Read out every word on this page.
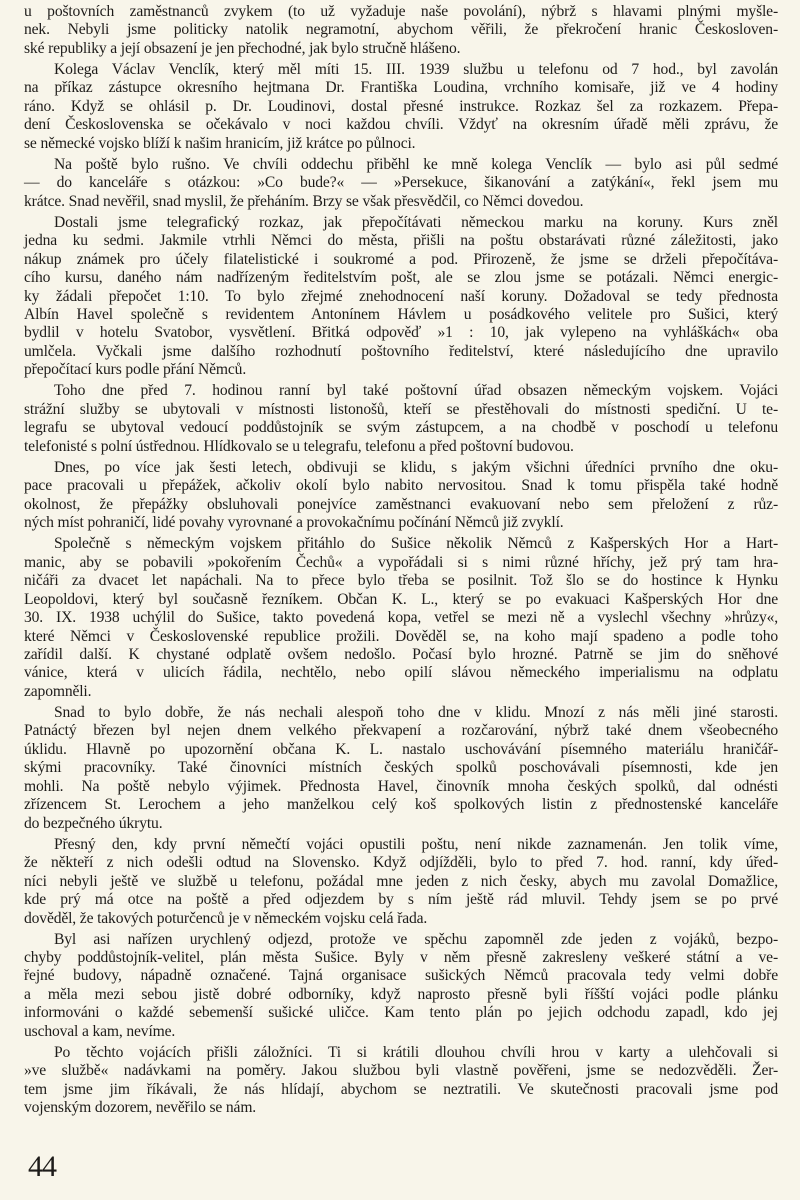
u poštovních zaměstnanců zvykem (to už vyžaduje naše povolání), nýbrž s hlavami plnými myšle-
nek. Nebyli jsme politicky natolik negramotní, abychom věřili, že překročení hranic Českosloven-
ské republiky a její obsazení je jen přechodné, jak bylo stručně hlášeno.
Kolega Václav Venclík, který měl míti 15. III. 1939 službu u telefonu od 7 hod., byl zavolán
na příkaz zástupce okresního hejtmana Dr. Františka Loudina, vrchního komisaře, již ve 4 hodiny
ráno. Když se ohlásil p. Dr. Loudinovi, dostal přesné instrukce. Rozkaz šel za rozkazem. Přepa-
dení Československa se očekávalo v noci každou chvíli. Vždyť na okresním úřadě měli zprávu, že
se německé vojsko blíží k našim hranicím, již krátce po půlnoci.
Na poště bylo rušno. Ve chvíli oddechu přiběhl ke mně kolega Venclík — bylo asi půl sedmé
— do kanceláře s otázkou: »Co bude?« — »Persekuce, šikanování a zatýkání«, řekl jsem mu
krátce. Snad nevěřil, snad myslil, že přeháním. Brzy se však přesvědčil, co Němci dovedou.
Dostali jsme telegrafický rozkaz, jak přepočítávati německou marku na koruny. Kurs zněl
jedna ku sedmi. Jakmile vtrhli Němci do města, přišli na poštu obstarávati různé záležitosti, jako
nákup známek pro účely filatelistické i soukromé a pod. Přirozeně, že jsme se drželi přepočítáva-
cího kursu, daného nám nadřízeným ředitelstvím pošt, ale se zlou jsme se potázali. Němci energic-
ky žádali přepočet 1:10. To bylo zřejmé znehodnocení naší koruny. Dožadoval se tedy přednosta
Albín Havel společně s revidentem Antonínem Hávlem u posádkového velitele pro Sušici, který
bydlil v hotelu Svatobor, vysvětlení. Břitká odpověď »1 : 10, jak vylepeno na vyhláškách« oba
umlčela. Vyčkali jsme dalšího rozhodnutí poštovního ředitelství, které následujícího dne upravilo
přepočítací kurs podle přání Němců.
Toho dne před 7. hodinou ranní byl také poštovní úřad obsazen německým vojskem. Vojáci
strážní služby se ubytovali v místnosti listonošů, kteří se přestěhovali do místnosti spediční. U te-
legrafu se ubytoval vedoucí poddůstojník se svým zástupcem, a na chodbě v poschodí u telefonu
telefonisté s polní ústřednou. Hlídkovalo se u telegrafu, telefonu a před poštovní budovou.
Dnes, po více jak šesti letech, obdivuji se klidu, s jakým všichni úředníci prvního dne oku-
pace pracovali u přepážek, ačkoliv okolí bylo nabito nervositou. Snad k tomu přispěla také hodně
okolnost, že přepážky obsluhovali ponejvíce zaměstnanci evakuovaní nebo sem přeložení z růz-
ných míst pohraničí, lidé povahy vyrovnané a provokačnímu počínání Němců již zvyklí.
Společně s německým vojskem přitáhlo do Sušice několik Němců z Kašperských Hor a Hart-
manic, aby se pobavili »pokořením Čechů« a vypořádali si s nimi různé hříchy, jež prý tam hra-
ničáři za dvacet let napáchali. Na to přece bylo třeba se posilnit. Tož šlo se do hostince k Hynku
Leopoldovi, který byl současně řezníkem. Občan K. L., který se po evakuaci Kašperských Hor dne
30. IX. 1938 uchýlil do Sušice, takto povedená kopa, vetřel se mezi ně a vyslechl všechny »hrůzy«,
které Němci v Československé republice prožili. Dověděl se, na koho mají spadeno a podle toho
zařídil další. K chystané odplatě ovšem nedošlo. Počasí bylo hrozné. Patrně se jim do sněhové
vánice, která v ulicích řádila, nechtělo, nebo opilí slávou německého imperialismu na odplatu
zapomněli.
Snad to bylo dobře, že nás nechali alespoň toho dne v klidu. Mnozí z nás měli jiné starosti.
Patnáctý březen byl nejen dnem velkého překvapení a rozčarování, nýbrž také dnem všeobecného
úklidu. Hlavně po upozornění občana K. L. nastalo uschovávání písemného materiálu hraničář-
skými pracovníky. Také činovníci místních českých spolků poschovávali písemnosti, kde jen
mohli. Na poště nebylo výjimek. Přednosta Havel, činovník mnoha českých spolků, dal odnésti
zřízencem St. Lerochem a jeho manželkou celý koš spolkových listin z přednostenské kanceláře
do bezpečného úkrytu.
Přesný den, kdy první němečtí vojáci opustili poštu, není nikde zaznamenán. Jen tolik víme,
že někteří z nich odešli odtud na Slovensko. Když odjížděli, bylo to před 7. hod. ranní, kdy úřed-
níci nebyli ještě ve službě u telefonu, požádal mne jeden z nich česky, abych mu zavolal Domažlice,
kde prý má otce na poště a před odjezdem by s ním ještě rád mluvil. Tehdy jsem se po prvé
dověděl, že takových poturčenců je v německém vojsku celá řada.
Byl asi nařízen urychlený odjezd, protože ve spěchu zapomněl zde jeden z vojáků, bezpo-
chyby poddůstojník-velitel, plán města Sušice. Byly v něm přesně zakresleny veškeré státní a ve-
řejné budovy, nápadně označené. Tajná organisace sušických Němců pracovala tedy velmi dobře
a měla mezi sebou jistě dobré odborníky, když naprosto přesně byli říšští vojáci podle plánku
informováni o každé sebemenší sušické uličce. Kam tento plán po jejich odchodu zapadl, kdo jej
uschoval a kam, nevíme.
Po těchto vojácích přišli záložníci. Ti si krátili dlouhou chvíli hrou v karty a ulehčovali si
»ve službě« nadávkami na poměry. Jakou službou byli vlastně pověřeni, jsme se nedozvěděli. Žer-
tem jsme jim říkávali, že nás hlídají, abychom se neztratili. Ve skutečnosti pracovali jsme pod
vojenským dozorem, nevěřilo se nám.
44
